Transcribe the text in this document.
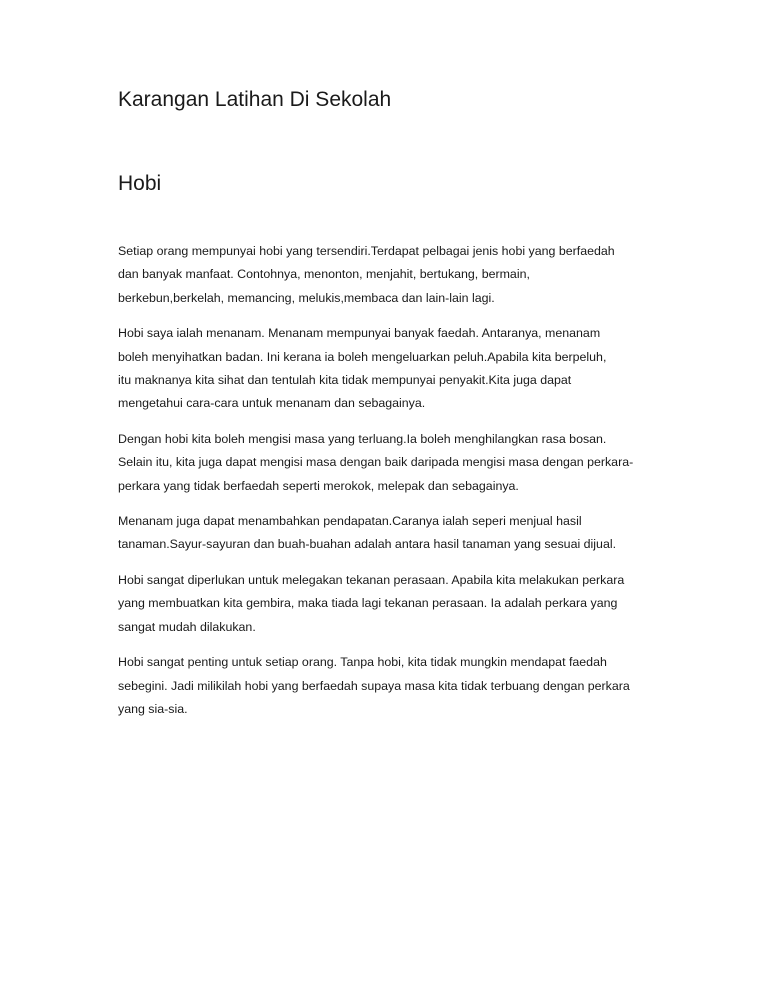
Karangan Latihan Di Sekolah
Hobi

Setiap orang mempunyai hobi yang tersendiri.Terdapat pelbagai jenis hobi yang berfaedah
dan banyak manfaat. Contohnya, menonton, menjahit, bertukang, bermain,
berkebun,berkelah, memancing, melukis,membaca dan lain-lain lagi.

Hobi saya ialah menanam. Menanam mempunyai banyak faedah. Antaranya, menanam
boleh menyihatkan badan. Ini kerana ia boleh mengeluarkan peluh.Apabila kita berpeluh,
itu maknanya kita sihat dan tentulah kita tidak mempunyai penyakit.Kita juga dapat
mengetahui cara-cara untuk menanam dan sebagainya.

Dengan hobi kita boleh mengisi masa yang terluang.Ia boleh menghilangkan rasa bosan.
Selain itu, kita juga dapat mengisi masa dengan baik daripada mengisi masa dengan perkara-
perkara yang tidak berfaedah seperti merokok, melepak dan sebagainya.

Menanam juga dapat menambahkan pendapatan.Caranya ialah seperi menjual hasil
tanaman.Sayur-sayuran dan buah-buahan adalah antara hasil tanaman yang sesuai dijual.

Hobi sangat diperlukan untuk melegakan tekanan perasaan. Apabila kita melakukan perkara
yang membuatkan kita gembira, maka tiada lagi tekanan perasaan. Ia adalah perkara yang
sangat mudah dilakukan.

Hobi sangat penting untuk setiap orang. Tanpa hobi, kita tidak mungkin mendapat faedah
sebegini. Jadi milikilah hobi yang berfaedah supaya masa kita tidak terbuang dengan perkara
yang sia-sia.
